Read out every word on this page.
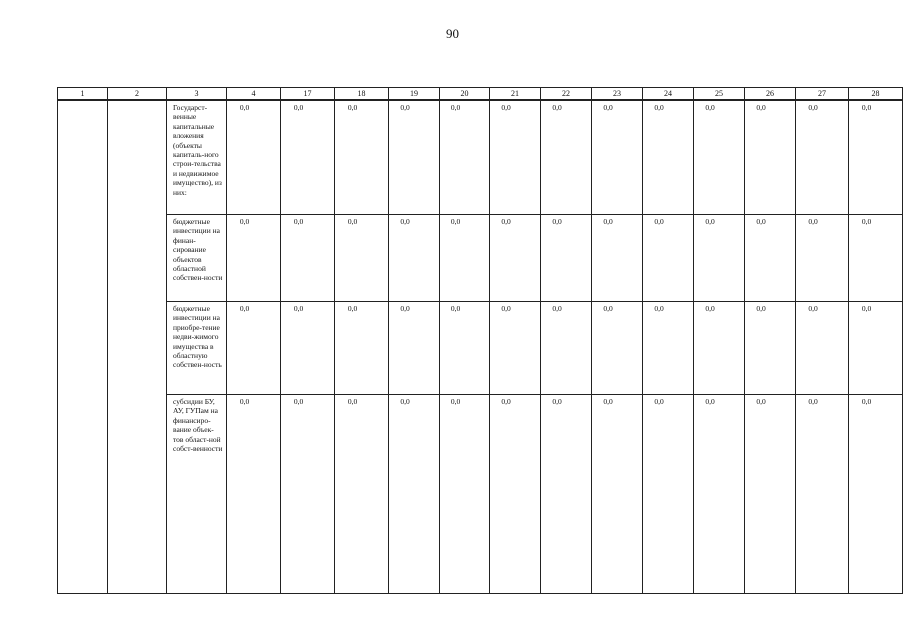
90
1	2	3	4	17	18	19	20	21	22	23	24	25	26	27	28
		Государст-венные капитальные вложения (объекты капиталь-ного строи-тельства и недвижимое имущество), из них:	0,0	0,0	0,0	0,0	0,0	0,0	0,0	0,0	0,0	0,0	0,0	0,0	0,0
		бюджетные инвестиции на финан-сирование объектов областной собствен-ности	0,0	0,0	0,0	0,0	0,0	0,0	0,0	0,0	0,0	0,0	0,0	0,0	0,0
		бюджетные инвестиции на приобре-тение недви-жимого имущества в областную собствен-ность	0,0	0,0	0,0	0,0	0,0	0,0	0,0	0,0	0,0	0,0	0,0	0,0	0,0
		субсидии БУ, АУ, ГУПам на финансиро-вание объек-тов област-ной собст-венности	0,0	0,0	0,0	0,0	0,0	0,0	0,0	0,0	0,0	0,0	0,0	0,0	0,0
